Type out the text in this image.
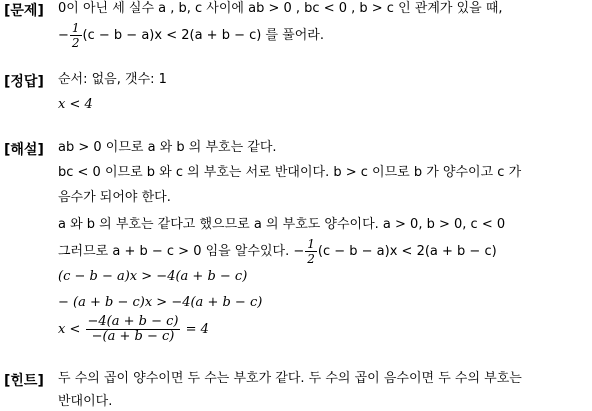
[문제] 0이 아닌 세 실수 a , b, c 사이에 ab > 0 , bc < 0 , b > c 인 관계가 있을 때,
− $\frac{1}{2} (c - b - a)x < 2(a + b - c)$ 를 풀어라.
[정답] 순서: 없음, 갯수: 1
x < 4
[해설] ab > 0 이므로 a 와 b 의 부호는 같다.
bc < 0 이므로 b 와 c 의 부호는 서로 반대이다. b > c 이므로 b 가 양수이고 c 가
음수가 되어야 한다.
a 와 b 의 부호는 같다고 했으므로 a 의 부호도 양수이다. a > 0, b > 0, c < 0
그러므로 a + b − c > 0 임을 알수있다. − $\frac{1}{2} (c - b - a)x < 2(a + b - c)$
(c − b − a)x > −4(a + b − c)
− (a + b − c)x > −4(a + b − c)
$x < \frac{-4(a + b - c)}{-(a + b - c)} = 4$
[힌트] 두 수의 곱이 양수이면 두 수는 부호가 같다. 두 수의 곱이 음수이면 두 수의 부호는
반대이다.
